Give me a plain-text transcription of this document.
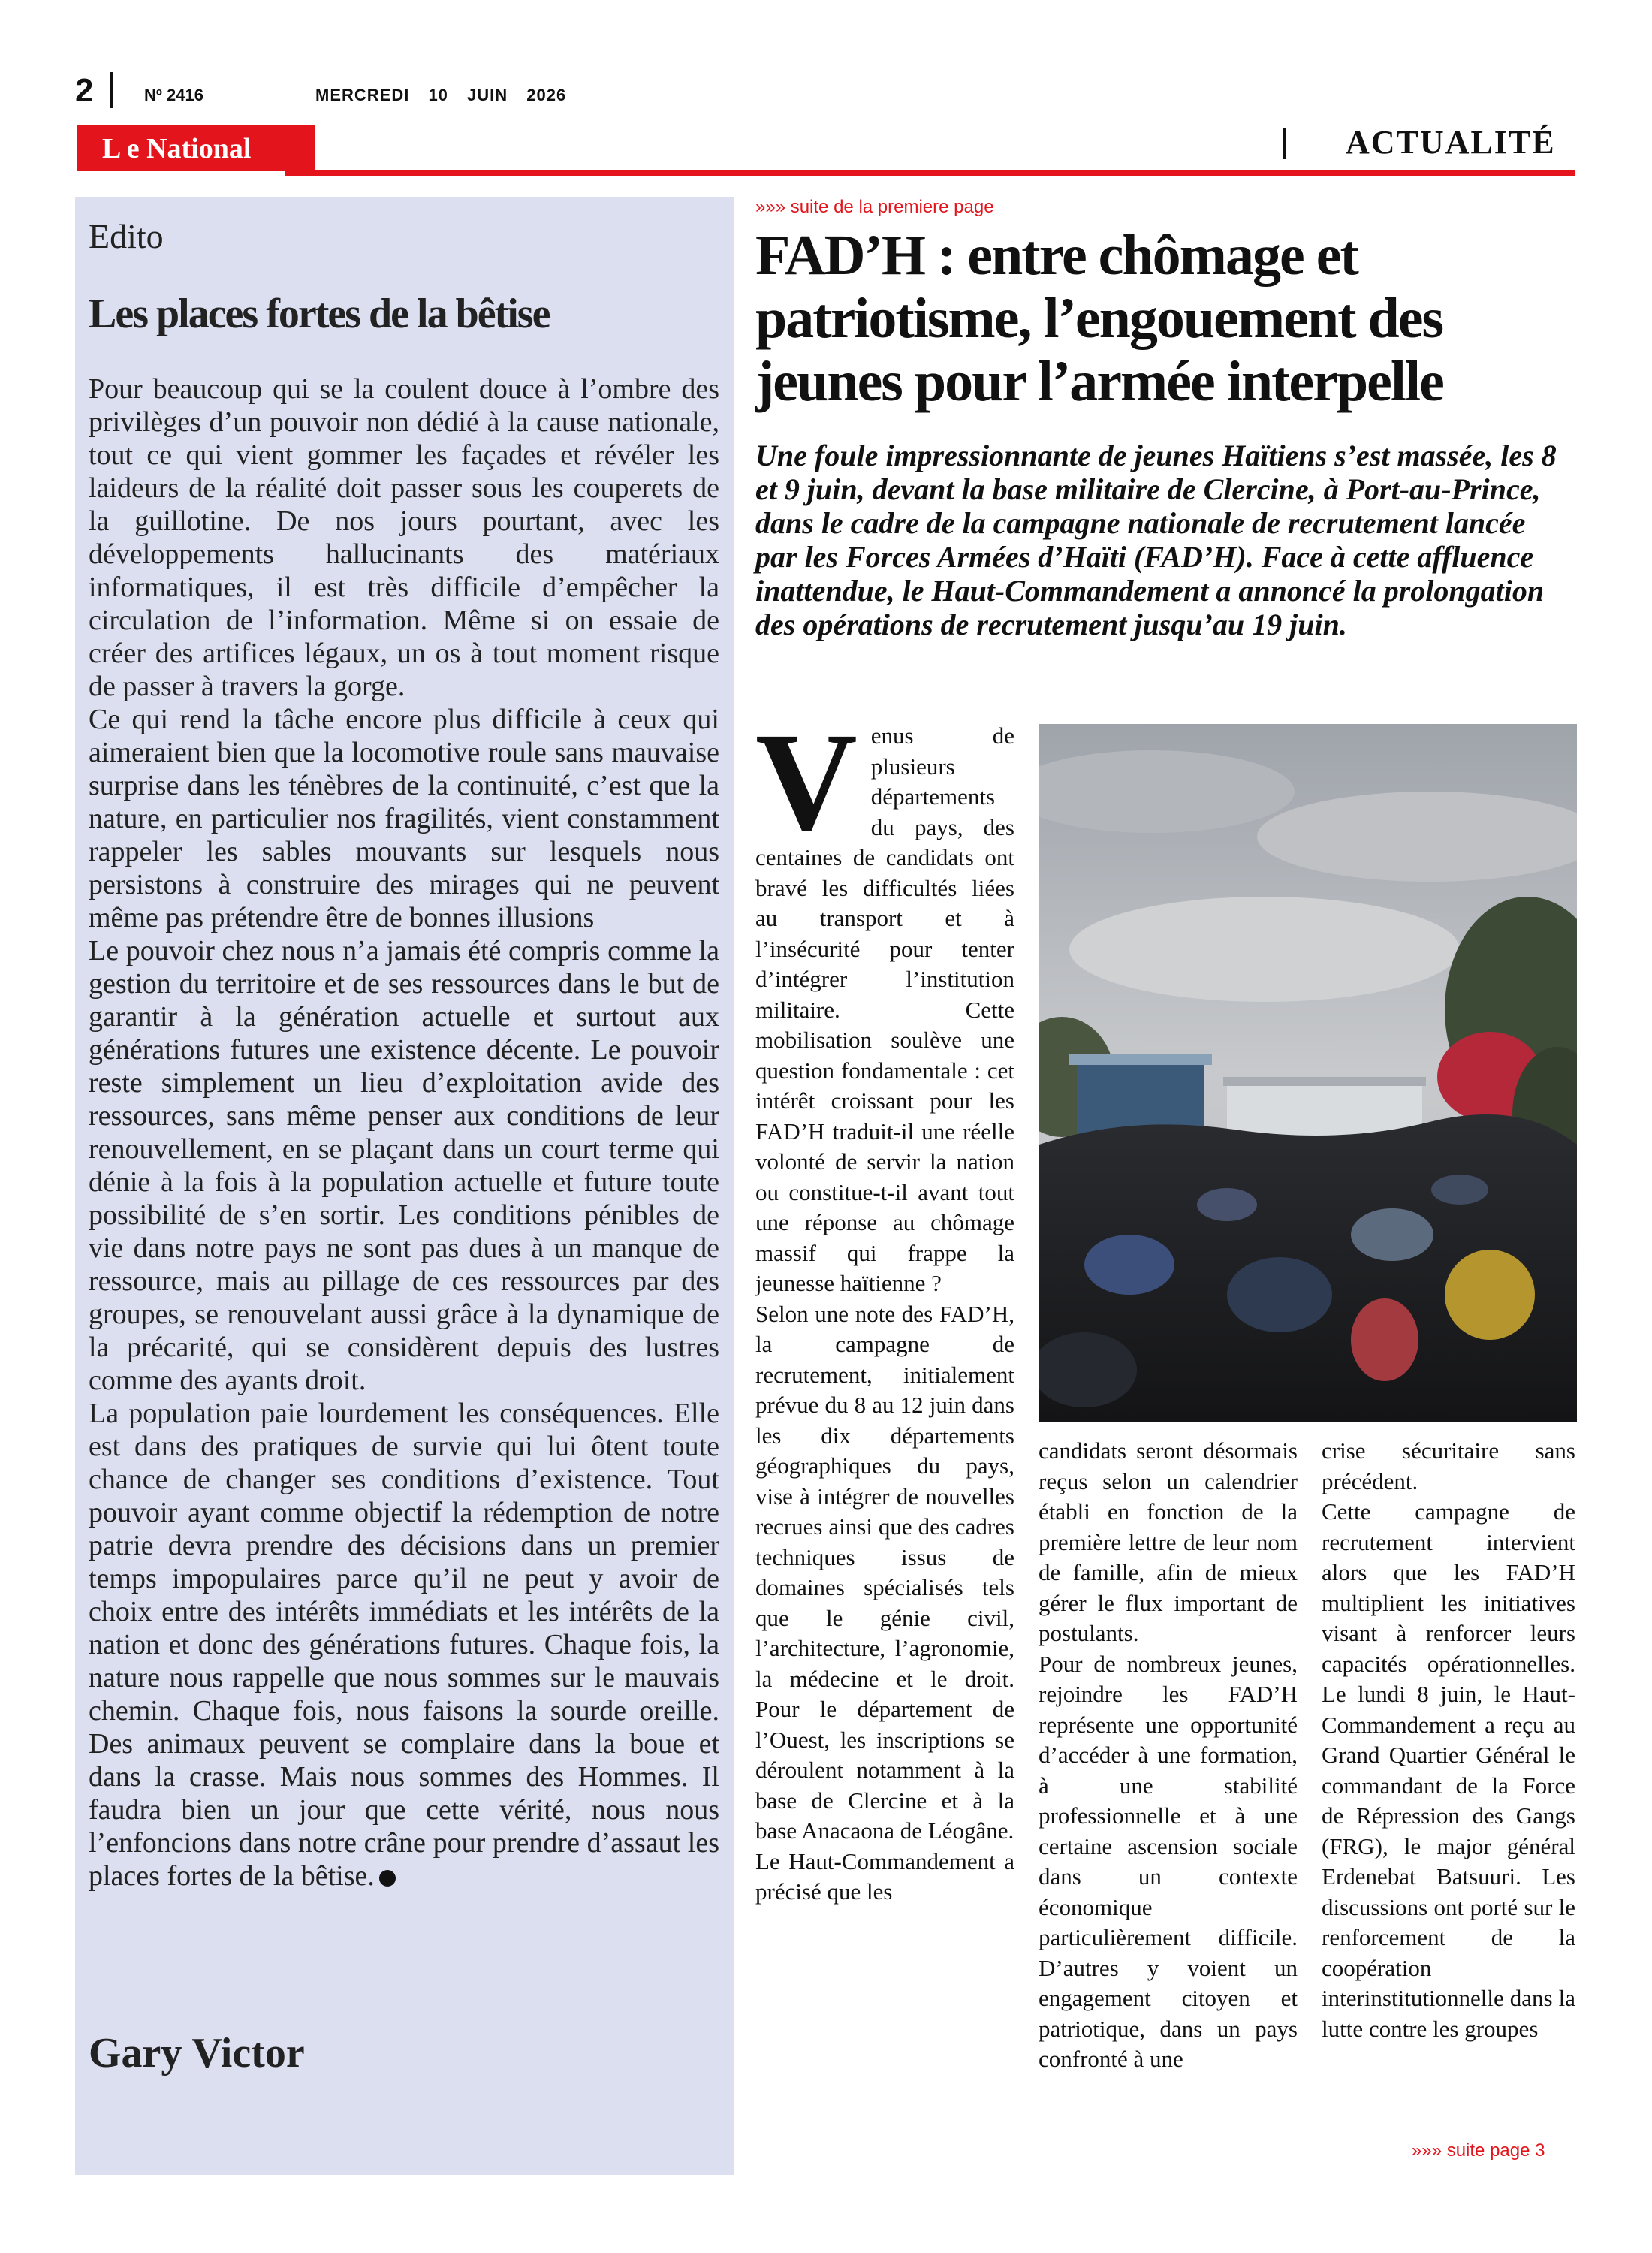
2	Nº 2416	MERCREDI 10 JUIN 2026
L e National	ACTUALITÉ
Edito
Les places fortes de la bêtise

Pour beaucoup qui se la coulent douce à l’ombre des privilèges d’un pouvoir non dédié à la cause nationale, tout ce qui vient gommer les façades et révéler les laideurs de la réalité doit passer sous les couperets de la guillotine. De nos jours pourtant, avec les développements hallucinants des matériaux informatiques, il est très difficile d’empêcher la circulation de l’information. Même si on essaie de créer des artifices légaux, un os à tout moment risque de passer à travers la gorge.

Ce qui rend la tâche encore plus difficile à ceux qui aimeraient bien que la locomotive roule sans mauvaise surprise dans les ténèbres de la continuité, c’est que la nature, en particulier nos fragilités, vient constamment rappeler les sables mouvants sur lesquels nous persistons à construire des mirages qui ne peuvent même pas prétendre être de bonnes illusions

Le pouvoir chez nous n’a jamais été compris comme la gestion du territoire et de ses ressources dans le but de garantir à la génération actuelle et surtout aux générations futures une existence décente. Le pouvoir reste simplement un lieu d’exploitation avide des ressources, sans même penser aux conditions de leur renouvellement, en se plaçant dans un court terme qui dénie à la fois à la population actuelle et future toute possibilité de s’en sortir. Les conditions pénibles de vie dans notre pays ne sont pas dues à un manque de ressource, mais au pillage de ces ressources par des groupes, se renouvelant aussi grâce à la dynamique de la précarité, qui se considèrent depuis des lustres comme des ayants droit.

La population paie lourdement les conséquences. Elle est dans des pratiques de survie qui lui ôtent toute chance de changer ses conditions d’existence. Tout pouvoir ayant comme objectif la rédemption de notre patrie devra prendre des décisions dans un premier temps impopulaires parce qu’il ne peut y avoir de choix entre des intérêts immédiats et les intérêts de la nation et donc des générations futures. Chaque fois, la nature nous rappelle que nous sommes sur le mauvais chemin. Chaque fois, nous faisons la sourde oreille. Des animaux peuvent se complaire dans la boue et dans la crasse. Mais nous sommes des Hommes. Il faudra bien un jour que cette vérité, nous nous l’enfoncions dans notre crâne pour prendre d’assaut les places fortes de la bêtise.

Gary Victor
»»» suite de la premiere page
FAD’H : entre chômage et patriotisme, l’engouement des jeunes pour l’armée interpelle
Une foule impressionnante de jeunes Haïtiens s’est massée, les 8 et 9 juin, devant la base militaire de Clercine, à Port-au-Prince, dans le cadre de la campagne nationale de recrutement lancée par les Forces Armées d’Haïti (FAD’H). Face à cette affluence inattendue, le Haut-Commandement a annoncé la prolongation des opérations de recrutement jusqu’au 19 juin.
V enus de plusieurs départements du pays, des centaines de candidats ont bravé les difficultés liées au transport et à l’insécurité pour tenter d’intégrer l’institution militaire. Cette mobilisation soulève une question fondamentale : cet intérêt croissant pour les FAD’H traduit-il une réelle volonté de servir la nation ou constitue-t-il avant tout une réponse au chômage massif qui frappe la jeunesse haïtienne ?

Selon une note des FAD’H, la campagne de recrutement, initialement prévue du 8 au 12 juin dans les dix départements géographiques du pays, vise à intégrer de nouvelles recrues ainsi que des cadres techniques issus de domaines spécialisés tels que le génie civil, l’architecture, l’agronomie, la médecine et le droit. Pour le département de l’Ouest, les inscriptions se déroulent notamment à la base de Clercine et à la base Anacaona de Léogâne.

Le Haut-Commandement a précisé que les

candidats seront désormais reçus selon un calendrier établi en fonction de la première lettre de leur nom de famille, afin de mieux gérer le flux important de postulants.

Pour de nombreux jeunes, rejoindre les FAD’H représente une opportunité d’accéder à une formation, à une stabilité professionnelle et à une certaine ascension sociale dans un contexte économique particulièrement difficile. D’autres y voient un engagement citoyen et patriotique, dans un pays confronté à une

crise sécuritaire sans précédent.

Cette campagne de recrutement intervient alors que les FAD’H multiplient les initiatives visant à renforcer leurs capacités opérationnelles. Le lundi 8 juin, le Haut-Commandement a reçu au Grand Quartier Général le commandant de la Force de Répression des Gangs (FRG), le major général Erdenebat Batsuuri. Les discussions ont porté sur le renforcement de la coopération interinstitutionnelle dans la lutte contre les groupes

»»» suite page 3
